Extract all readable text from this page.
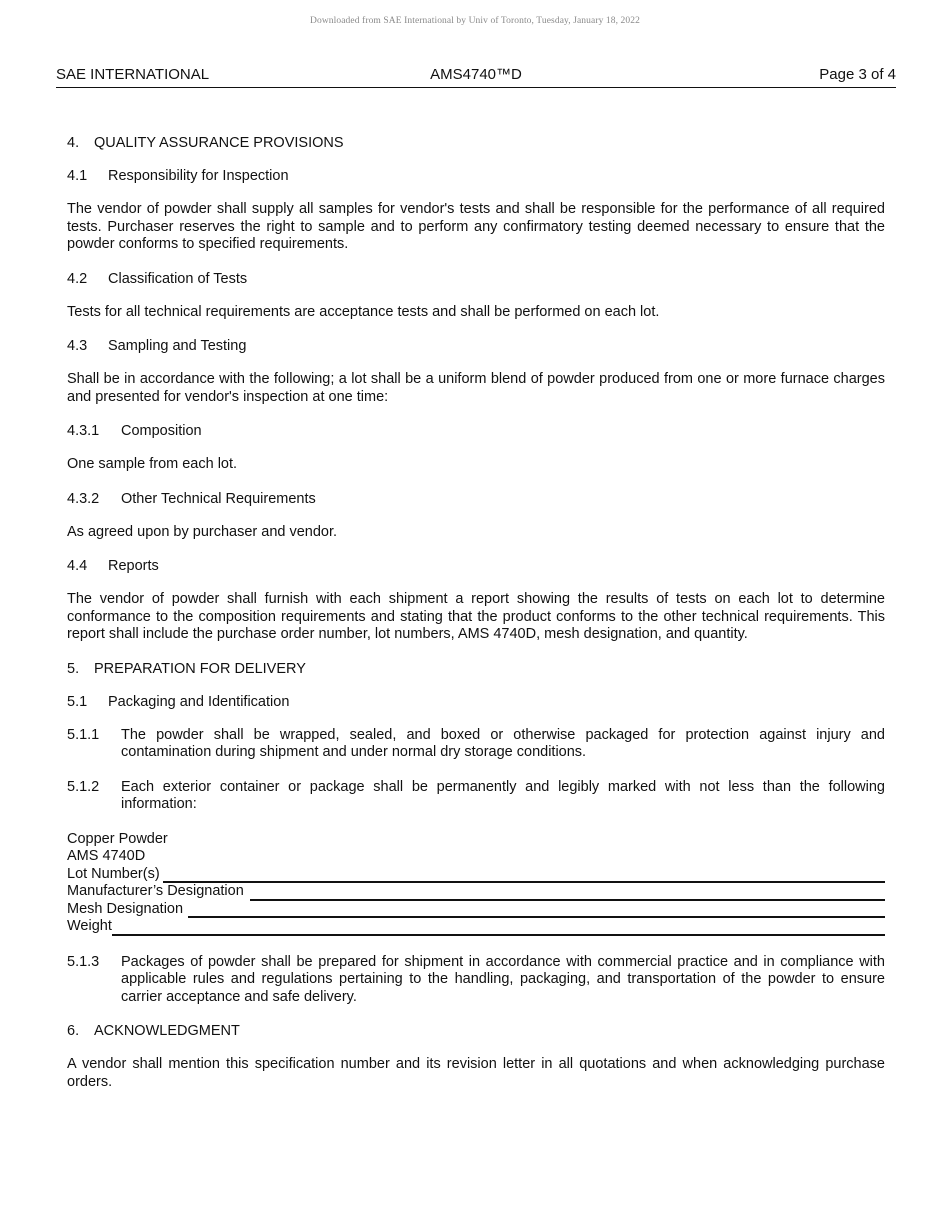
Downloaded from SAE International by Univ of Toronto, Tuesday, January 18, 2022
SAE INTERNATIONAL	AMS4740™D	Page 3 of 4
4. QUALITY ASSURANCE PROVISIONS
4.1 Responsibility for Inspection

The vendor of powder shall supply all samples for vendor's tests and shall be responsible for the performance of all required tests. Purchaser reserves the right to sample and to perform any confirmatory testing deemed necessary to ensure that the powder conforms to specified requirements.

4.2 Classification of Tests

Tests for all technical requirements are acceptance tests and shall be performed on each lot.

4.3 Sampling and Testing

Shall be in accordance with the following; a lot shall be a uniform blend of powder produced from one or more furnace charges and presented for vendor's inspection at one time:

4.3.1 Composition

One sample from each lot.

4.3.2 Other Technical Requirements

As agreed upon by purchaser and vendor.

4.4 Reports

The vendor of powder shall furnish with each shipment a report showing the results of tests on each lot to determine conformance to the composition requirements and stating that the product conforms to the other technical requirements. This report shall include the purchase order number, lot numbers, AMS 4740D, mesh designation, and quantity.

5. PREPARATION FOR DELIVERY
5.1 Packaging and Identification
5.1.1	The powder shall be wrapped, sealed, and boxed or otherwise packaged for protection against injury and contamination during shipment and under normal dry storage conditions.
5.1.2	Each exterior container or package shall be permanently and legibly marked with not less than the following information:
Copper Powder
AMS 4740D
Lot Number(s)
Manufacturer’s Designation
Mesh Designation
Weight
5.1.3	Packages of powder shall be prepared for shipment in accordance with commercial practice and in compliance with applicable rules and regulations pertaining to the handling, packaging, and transportation of the powder to ensure carrier acceptance and safe delivery.
6. ACKNOWLEDGMENT

A vendor shall mention this specification number and its revision letter in all quotations and when acknowledging purchase orders.
